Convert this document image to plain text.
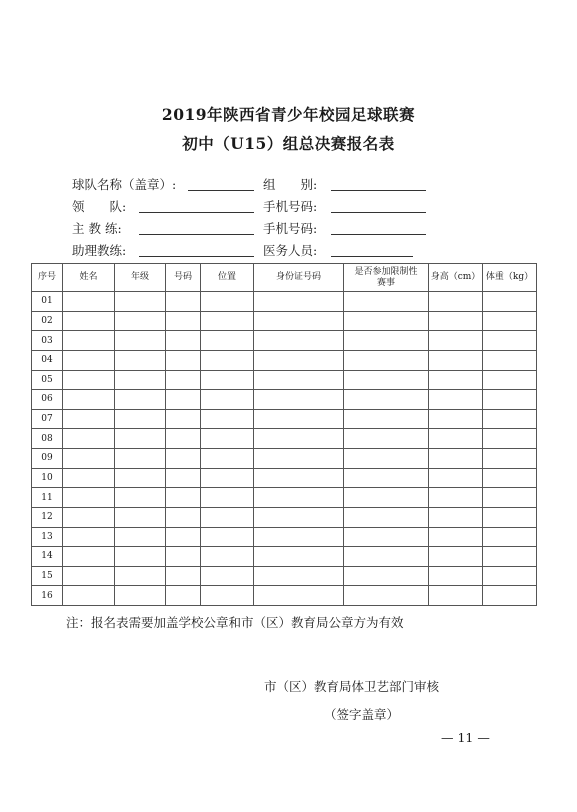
2019年陕西省青少年校园足球联赛
初中（U15）组总决赛报名表
球队名称（盖章）:	组　　别:
领　　队:	手机号码:
主 教 练:	手机号码:
助理教练:	医务人员:
序号	姓名	年级	号码	位置	身份证号码	是否参加限制性赛事	身高（cm）	体重（kg）
01								
02								
03								
04								
05								
06								
07								
08								
09								
10								
11								
12								
13								
14								
15								
16								
注：报名表需要加盖学校公章和市（区）教育局公章方为有效
市（区）教育局体卫艺部门审核
（签字盖章）
— 11 —
